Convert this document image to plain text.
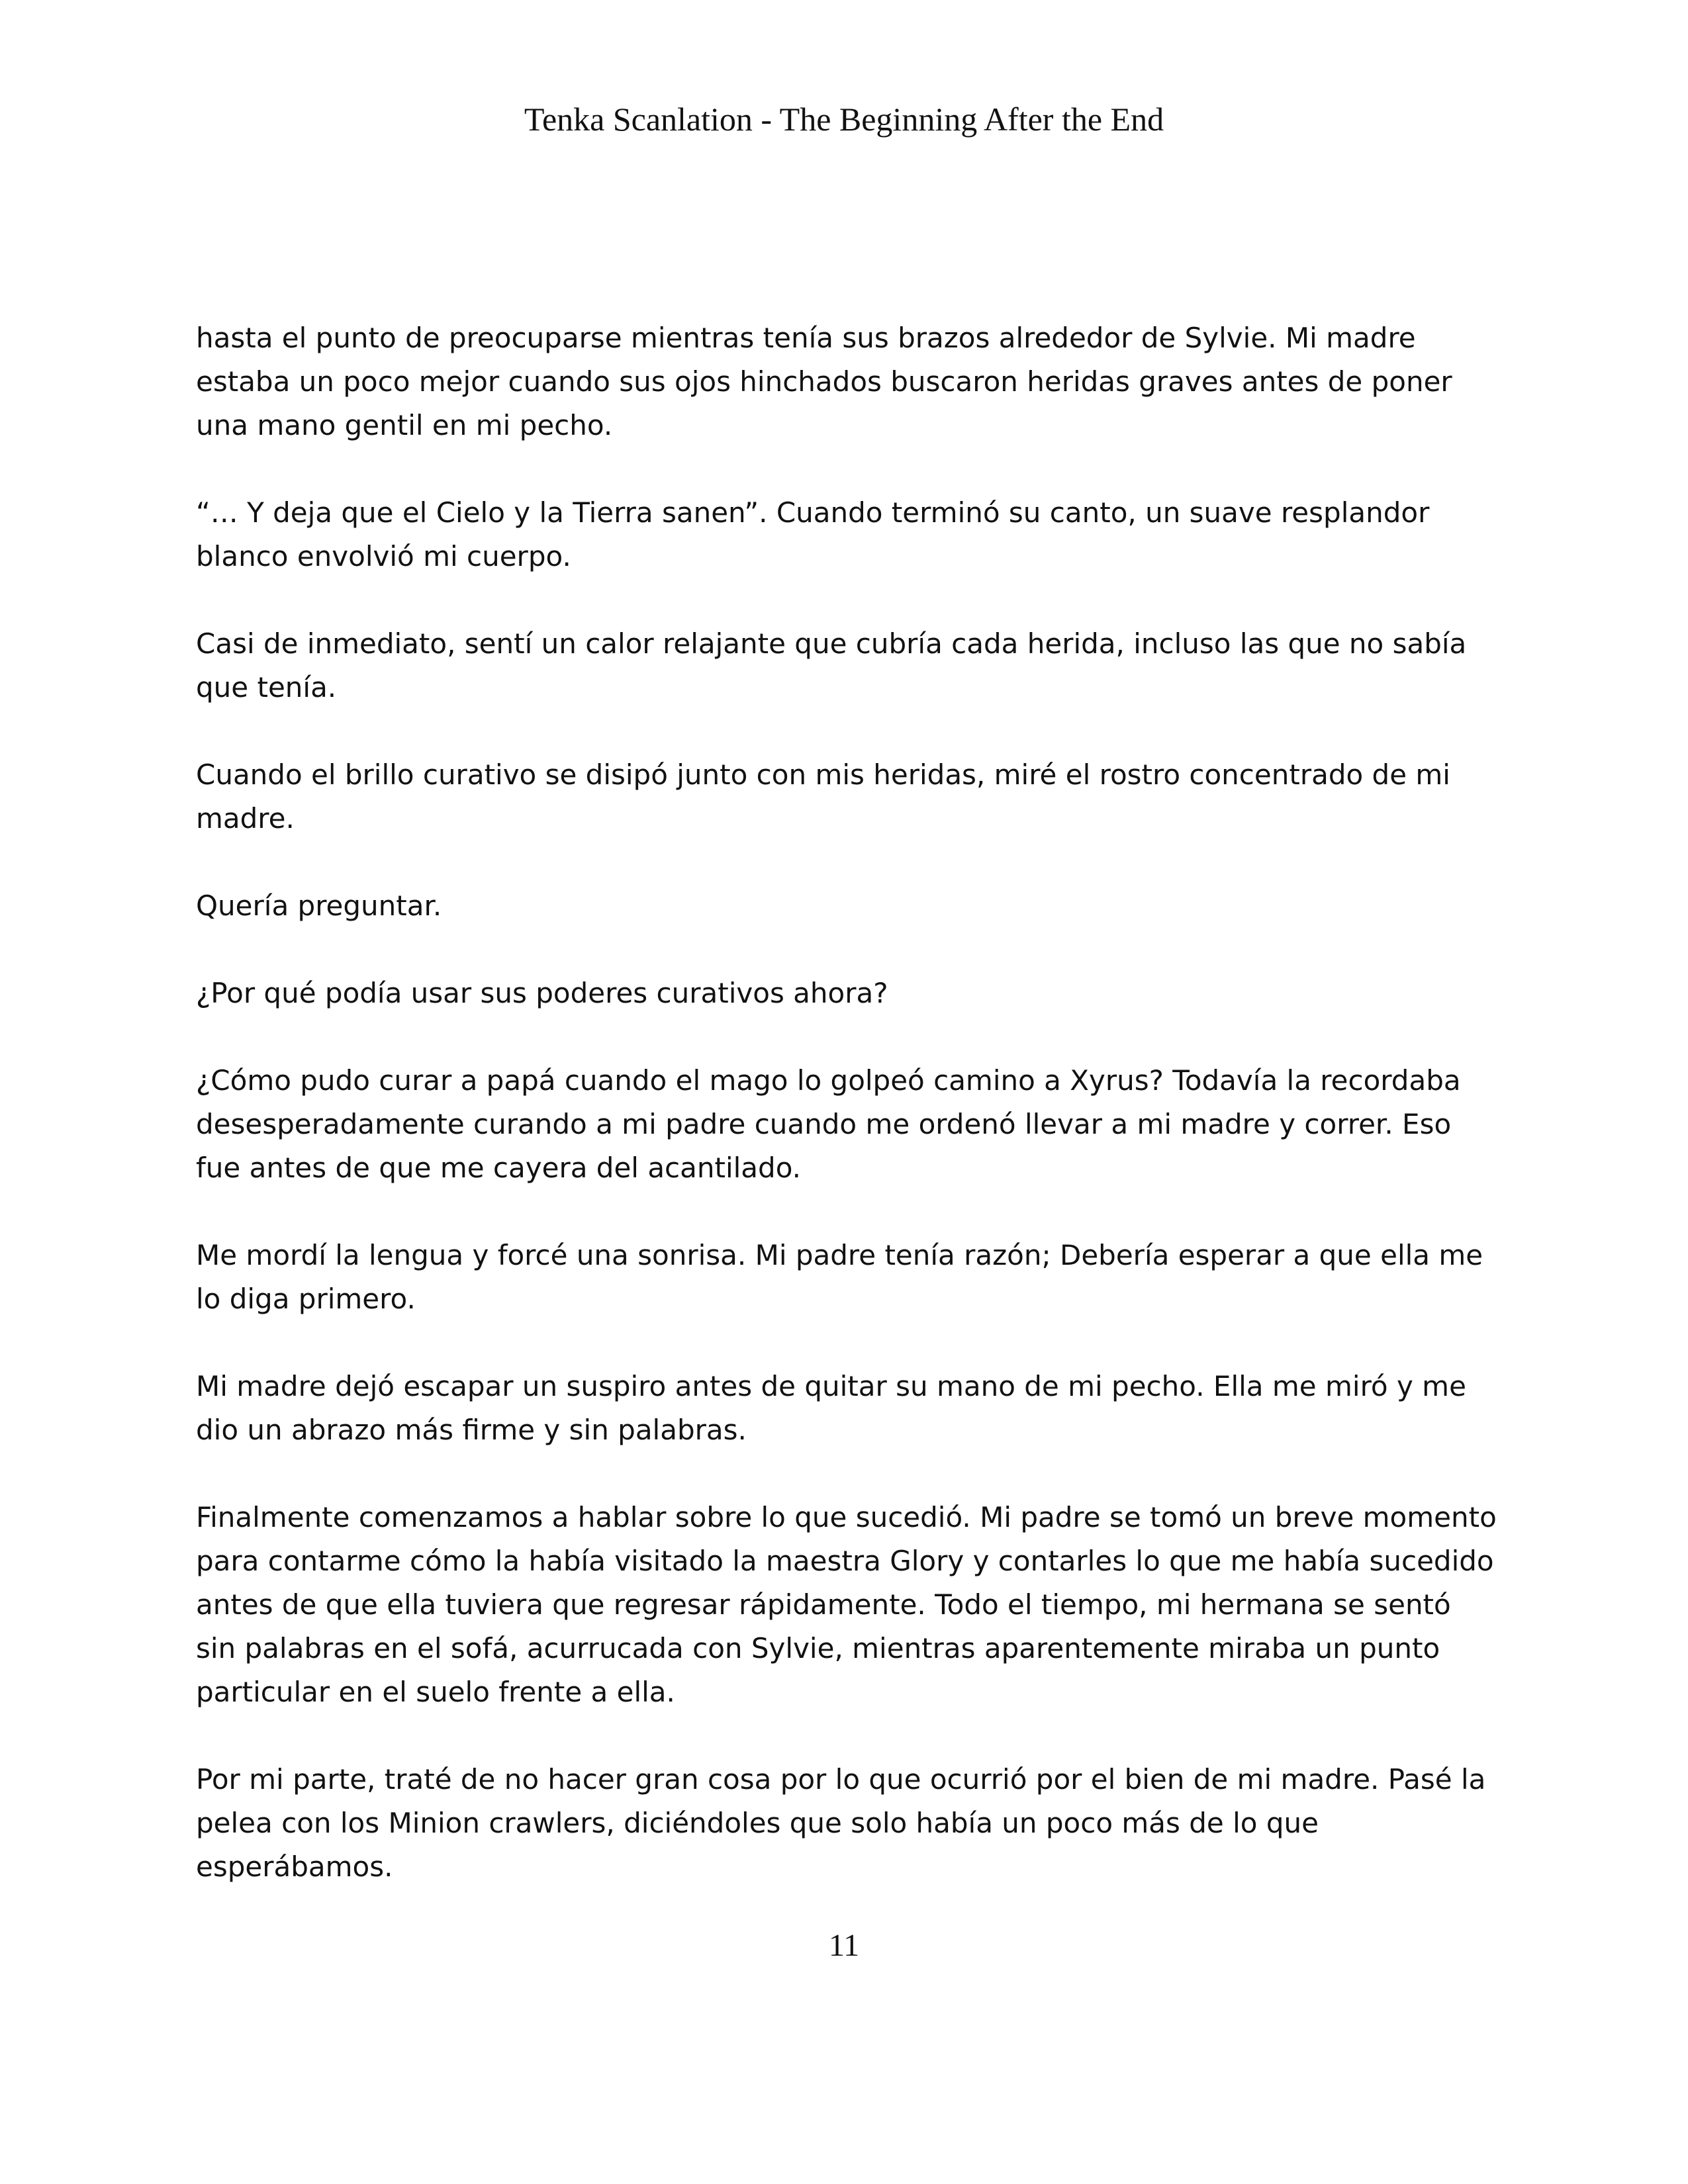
Tenka Scanlation - The Beginning After the End

hasta el punto de preocuparse mientras tenía sus brazos alrededor de Sylvie. Mi madre estaba un poco mejor cuando sus ojos hinchados buscaron heridas graves antes de poner una mano gentil en mi pecho.

“… Y deja que el Cielo y la Tierra sanen”. Cuando terminó su canto, un suave resplandor blanco envolvió mi cuerpo.

Casi de inmediato, sentí un calor relajante que cubría cada herida, incluso las que no sabía que tenía.

Cuando el brillo curativo se disipó junto con mis heridas, miré el rostro concentrado de mi madre.

Quería preguntar.

¿Por qué podía usar sus poderes curativos ahora?

¿Cómo pudo curar a papá cuando el mago lo golpeó camino a Xyrus? Todavía la recordaba desesperadamente curando a mi padre cuando me ordenó llevar a mi madre y correr. Eso fue antes de que me cayera del acantilado.

Me mordí la lengua y forcé una sonrisa. Mi padre tenía razón; Debería esperar a que ella me lo diga primero.

Mi madre dejó escapar un suspiro antes de quitar su mano de mi pecho. Ella me miró y me dio un abrazo más firme y sin palabras.

Finalmente comenzamos a hablar sobre lo que sucedió. Mi padre se tomó un breve momento para contarme cómo la había visitado la maestra Glory y contarles lo que me había sucedido antes de que ella tuviera que regresar rápidamente. Todo el tiempo, mi hermana se sentó sin palabras en el sofá, acurrucada con Sylvie, mientras aparentemente miraba un punto particular en el suelo frente a ella.

Por mi parte, traté de no hacer gran cosa por lo que ocurrió por el bien de mi madre. Pasé la pelea con los Minion crawlers, diciéndoles que solo había un poco más de lo que esperábamos.

11
